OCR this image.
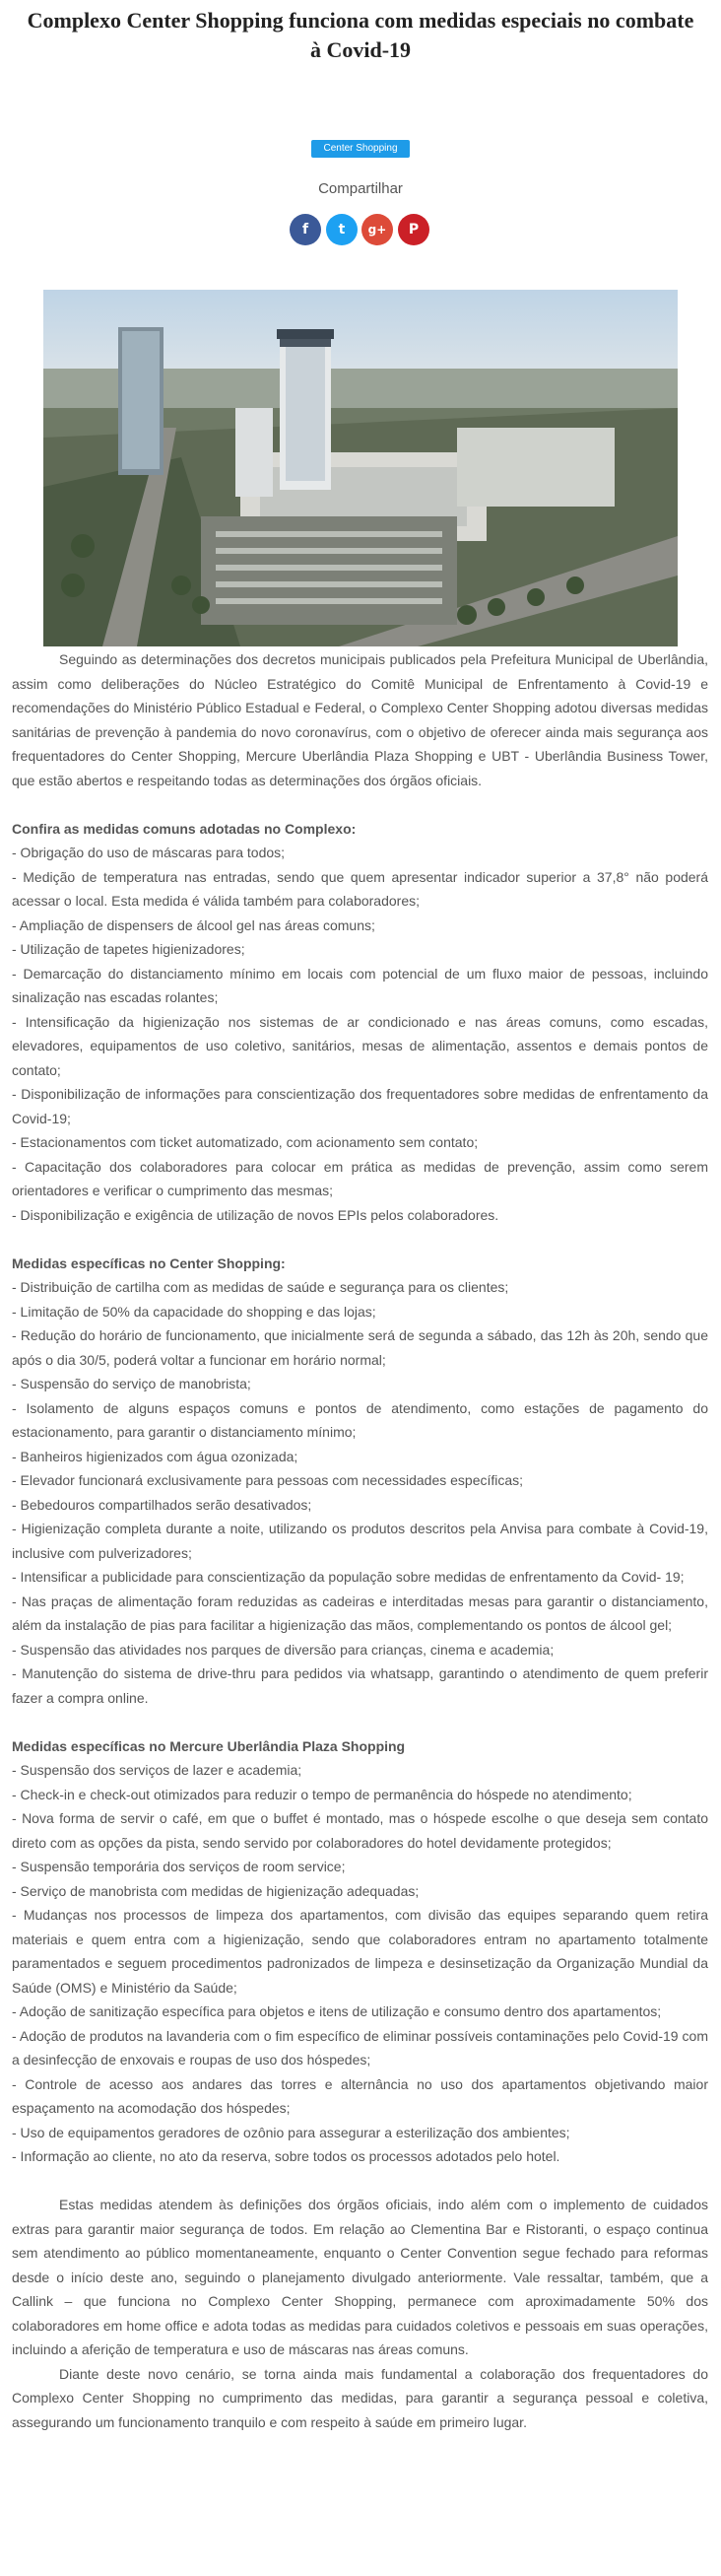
Complexo Center Shopping funciona com medidas especiais no combate à Covid-19
Center Shopping
Compartilhar
f	t	g+	P

Seguindo as determinações dos decretos municipais publicados pela Prefeitura Municipal de Uberlândia, assim como deliberações do Núcleo Estratégico do Comitê Municipal de Enfrentamento à Covid-19 e recomendações do Ministério Público Estadual e Federal, o Complexo Center Shopping adotou diversas medidas sanitárias de prevenção à pandemia do novo coronavírus, com o objetivo de oferecer ainda mais segurança aos frequentadores do Center Shopping, Mercure Uberlândia Plaza Shopping e UBT - Uberlândia Business Tower, que estão abertos e respeitando todas as determinações dos órgãos oficiais.

Confira as medidas comuns adotadas no Complexo:

- Obrigação do uso de máscaras para todos;

- Medição de temperatura nas entradas, sendo que quem apresentar indicador superior a 37,8° não poderá acessar o local. Esta medida é válida também para colaboradores;

- Ampliação de dispensers de álcool gel nas áreas comuns;

- Utilização de tapetes higienizadores;

- Demarcação do distanciamento mínimo em locais com potencial de um fluxo maior de pessoas, incluindo sinalização nas escadas rolantes;

- Intensificação da higienização nos sistemas de ar condicionado e nas áreas comuns, como escadas, elevadores, equipamentos de uso coletivo, sanitários, mesas de alimentação, assentos e demais pontos de contato;

- Disponibilização de informações para conscientização dos frequentadores sobre medidas de enfrentamento da Covid-19;

- Estacionamentos com ticket automatizado, com acionamento sem contato;

- Capacitação dos colaboradores para colocar em prática as medidas de prevenção, assim como serem orientadores e verificar o cumprimento das mesmas;

- Disponibilização e exigência de utilização de novos EPIs pelos colaboradores.

Medidas específicas no Center Shopping:

- Distribuição de cartilha com as medidas de saúde e segurança para os clientes;

- Limitação de 50% da capacidade do shopping e das lojas;

- Redução do horário de funcionamento, que inicialmente será de segunda a sábado, das 12h às 20h, sendo que após o dia 30/5, poderá voltar a funcionar em horário normal;

- Suspensão do serviço de manobrista;

- Isolamento de alguns espaços comuns e pontos de atendimento, como estações de pagamento do estacionamento, para garantir o distanciamento mínimo;

- Banheiros higienizados com água ozonizada;

- Elevador funcionará exclusivamente para pessoas com necessidades específicas;

- Bebedouros compartilhados serão desativados;

- Higienização completa durante a noite, utilizando os produtos descritos pela Anvisa para combate à Covid-19, inclusive com pulverizadores;

- Intensificar a publicidade para conscientização da população sobre medidas de enfrentamento da Covid- 19;

- Nas praças de alimentação foram reduzidas as cadeiras e interditadas mesas para garantir o distanciamento, além da instalação de pias para facilitar a higienização das mãos, complementando os pontos de álcool gel;

- Suspensão das atividades nos parques de diversão para crianças, cinema e academia;

- Manutenção do sistema de drive-thru para pedidos via whatsapp, garantindo o atendimento de quem preferir fazer a compra online.

Medidas específicas no Mercure Uberlândia Plaza Shopping

- Suspensão dos serviços de lazer e academia;

- Check-in e check-out otimizados para reduzir o tempo de permanência do hóspede no atendimento;

- Nova forma de servir o café, em que o buffet é montado, mas o hóspede escolhe o que deseja sem contato direto com as opções da pista, sendo servido por colaboradores do hotel devidamente protegidos;

- Suspensão temporária dos serviços de room service;

- Serviço de manobrista com medidas de higienização adequadas;

- Mudanças nos processos de limpeza dos apartamentos, com divisão das equipes separando quem retira materiais e quem entra com a higienização, sendo que colaboradores entram no apartamento totalmente paramentados e seguem procedimentos padronizados de limpeza e desinsetização da Organização Mundial da Saúde (OMS) e Ministério da Saúde;

- Adoção de sanitização específica para objetos e itens de utilização e consumo dentro dos apartamentos;

- Adoção de produtos na lavanderia com o fim específico de eliminar possíveis contaminações pelo Covid-19 com a desinfecção de enxovais e roupas de uso dos hóspedes;

- Controle de acesso aos andares das torres e alternância no uso dos apartamentos objetivando maior espaçamento na acomodação dos hóspedes;

- Uso de equipamentos geradores de ozônio para assegurar a esterilização dos ambientes;

- Informação ao cliente, no ato da reserva, sobre todos os processos adotados pelo hotel.

Estas medidas atendem às definições dos órgãos oficiais, indo além com o implemento de cuidados extras para garantir maior segurança de todos. Em relação ao Clementina Bar e Ristoranti, o espaço continua sem atendimento ao público momentaneamente, enquanto o Center Convention segue fechado para reformas desde o início deste ano, seguindo o planejamento divulgado anteriormente. Vale ressaltar, também, que a Callink – que funciona no Complexo Center Shopping, permanece com aproximadamente 50% dos colaboradores em home office e adota todas as medidas para cuidados coletivos e pessoais em suas operações, incluindo a aferição de temperatura e uso de máscaras nas áreas comuns.

Diante deste novo cenário, se torna ainda mais fundamental a colaboração dos frequentadores do Complexo Center Shopping no cumprimento das medidas, para garantir a segurança pessoal e coletiva, assegurando um funcionamento tranquilo e com respeito à saúde em primeiro lugar.
